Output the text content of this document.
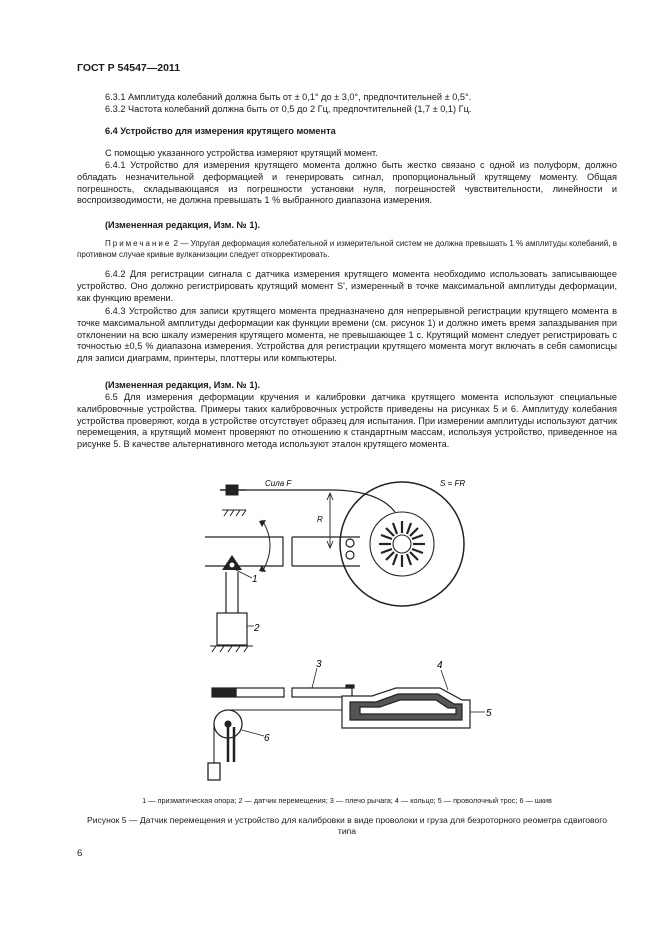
ГОСТ Р 54547—2011

6.3.1 Амплитуда колебаний должна быть от ± 0,1° до ± 3,0°, предпочтительней ± 0,5°.

6.3.2 Частота колебаний должна быть от 0,5 до 2 Гц, предпочтительней (1,7 ± 0,1) Гц.

6.4 Устройство для измерения крутящего момента

С помощью указанного устройства измеряют крутящий момент.

6.4.1 Устройство для измерения крутящего момента должно быть жестко связано с одной из полуформ, должно обладать незначительной деформацией и генерировать сигнал, пропорциональный крутящему моменту. Общая погрешность, складывающаяся из погрешности установки нуля, погрешностей чувствительности, линейности и воспроизводимости, не должна превышать 1 % выбранного диапазона измерения.

(Измененная редакция, Изм. № 1).

Примечание 2 — Упругая деформация колебательной и измерительной систем не должна превышать 1 % амплитуды колебаний, в противном случае кривые вулканизации следует откорректировать.

6.4.2 Для регистрации сигнала с датчика измерения крутящего момента необходимо использовать записывающее устройство. Оно должно регистрировать крутящий момент S', измеренный в точке максимальной амплитуды деформации, как функцию времени.

6.4.3 Устройство для записи крутящего момента предназначено для непрерывной регистрации крутящего момента в точке максимальной амплитуды деформации как функции времени (см. рисунок 1) и должно иметь время запаздывания при отклонении на всю шкалу измерения крутящего момента, не превышающее 1 с. Крутящий момент следует регистрировать с точностью ±0,5 % диапазона измерения. Устройства для регистрации крутящего момента могут включать в себя самописцы для записи диаграмм, принтеры, плоттеры или компьютеры.

(Измененная редакция, Изм. № 1).

6.5 Для измерения деформации кручения и калибровки датчика крутящего момента используют специальные калибровочные устройства. Примеры таких калибровочных устройств приведены на рисунках 5 и 6. Амплитуду колебания устройства проверяют, когда в устройстве отсутствует образец для испытания. При измерении амплитуды используют датчик перемещения, а крутящий момент проверяют по отношению к стандартным массам, используя устройство, приведенное на рисунке 5. В качестве альтернативного метода используют эталон крутящего момента.

Сила F	S = FR
R
1
2
3	4
5
6
1 — призматическая опора; 2 — датчик перемещения; 3 — плечо рычага; 4 — кольцо; 5 — проволочный трос; 6 — шкив
Рисунок 5 — Датчик перемещения и устройство для калибровки в виде проволоки и груза для безроторного реометра сдвигового типа
6
